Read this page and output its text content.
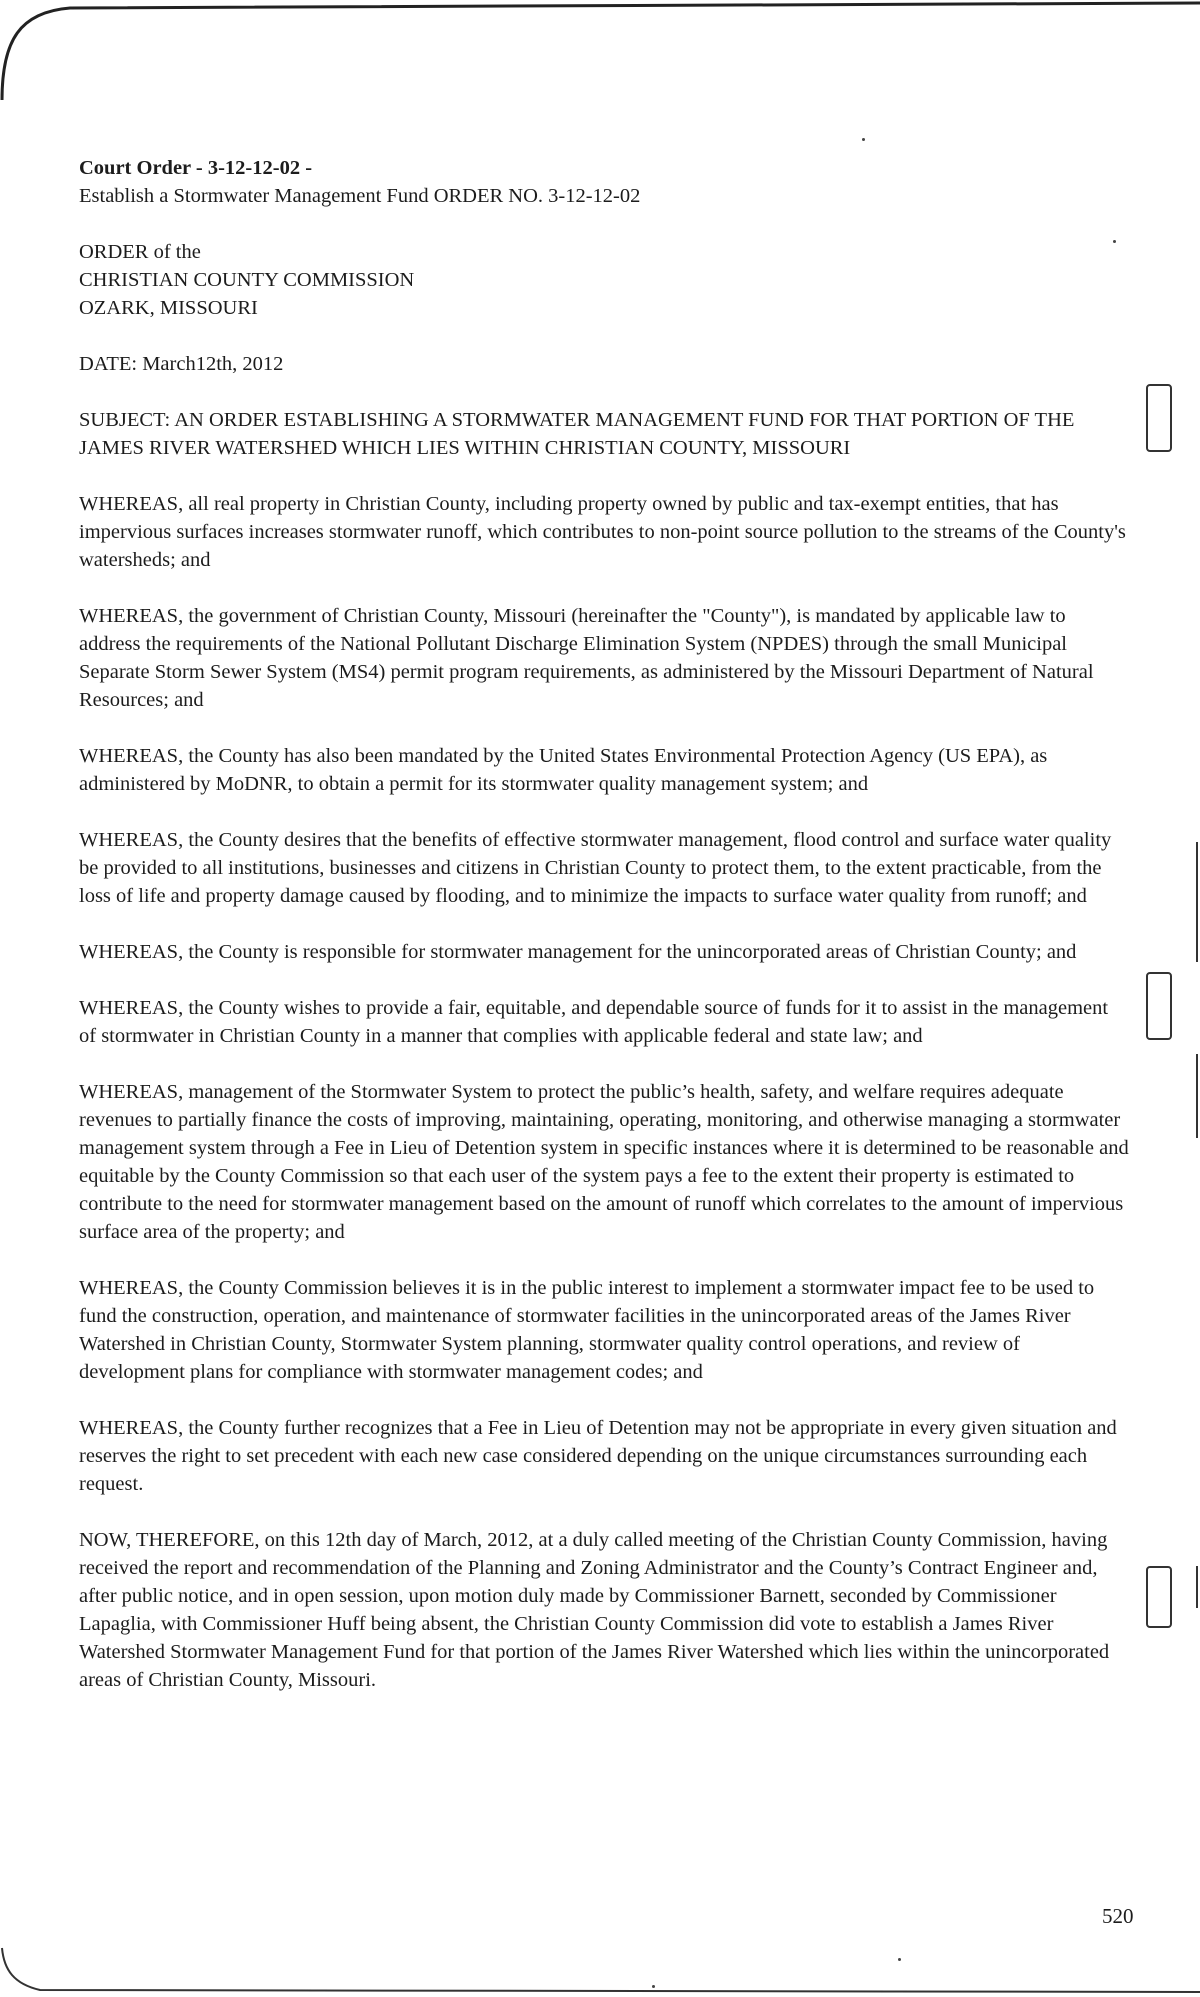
Court Order - 3-12-12-02 -

Establish a Stormwater Management Fund ORDER NO. 3-12-12-02

ORDER of the

CHRISTIAN COUNTY COMMISSION

OZARK, MISSOURI

DATE: March12th, 2012

SUBJECT: AN ORDER ESTABLISHING A STORMWATER MANAGEMENT FUND FOR THAT PORTION OF THE JAMES RIVER WATERSHED WHICH LIES WITHIN CHRISTIAN COUNTY, MISSOURI

WHEREAS, all real property in Christian County, including property owned by public and tax-exempt entities, that has impervious surfaces increases stormwater runoff, which contributes to non-point source pollution to the streams of the County's watersheds; and

WHEREAS, the government of Christian County, Missouri (hereinafter the "County"), is mandated by applicable law to address the requirements of the National Pollutant Discharge Elimination System (NPDES) through the small Municipal Separate Storm Sewer System (MS4) permit program requirements, as administered by the Missouri Department of Natural Resources; and

WHEREAS, the County has also been mandated by the United States Environmental Protection Agency (US EPA), as administered by MoDNR, to obtain a permit for its stormwater quality management system; and

WHEREAS, the County desires that the benefits of effective stormwater management, flood control and surface water quality be provided to all institutions, businesses and citizens in Christian County to protect them, to the extent practicable, from the loss of life and property damage caused by flooding, and to minimize the impacts to surface water quality from runoff; and

WHEREAS, the County is responsible for stormwater management for the unincorporated areas of Christian County; and

WHEREAS, the County wishes to provide a fair, equitable, and dependable source of funds for it to assist in the management of stormwater in Christian County in a manner that complies with applicable federal and state law; and

WHEREAS, management of the Stormwater System to protect the public’s health, safety, and welfare requires adequate revenues to partially finance the costs of improving, maintaining, operating, monitoring, and otherwise managing a stormwater management system through a Fee in Lieu of Detention system in specific instances where it is determined to be reasonable and equitable by the County Commission so that each user of the system pays a fee to the extent their property is estimated to contribute to the need for stormwater management based on the amount of runoff which correlates to the amount of impervious surface area of the property; and

WHEREAS, the County Commission believes it is in the public interest to implement a stormwater impact fee to be used to fund the construction, operation, and maintenance of stormwater facilities in the unincorporated areas of the James River Watershed in Christian County, Stormwater System planning, stormwater quality control operations, and review of development plans for compliance with stormwater management codes; and

WHEREAS, the County further recognizes that a Fee in Lieu of Detention may not be appropriate in every given situation and reserves the right to set precedent with each new case considered depending on the unique circumstances surrounding each request.

NOW, THEREFORE, on this 12th day of March, 2012, at a duly called meeting of the Christian County Commission, having received the report and recommendation of the Planning and Zoning Administrator and the County’s Contract Engineer and, after public notice, and in open session, upon motion duly made by Commissioner Barnett, seconded by Commissioner Lapaglia, with Commissioner Huff being absent, the Christian County Commission did vote to establish a James River Watershed Stormwater Management Fund for that portion of the James River Watershed which lies within the unincorporated areas of Christian County, Missouri.

520
